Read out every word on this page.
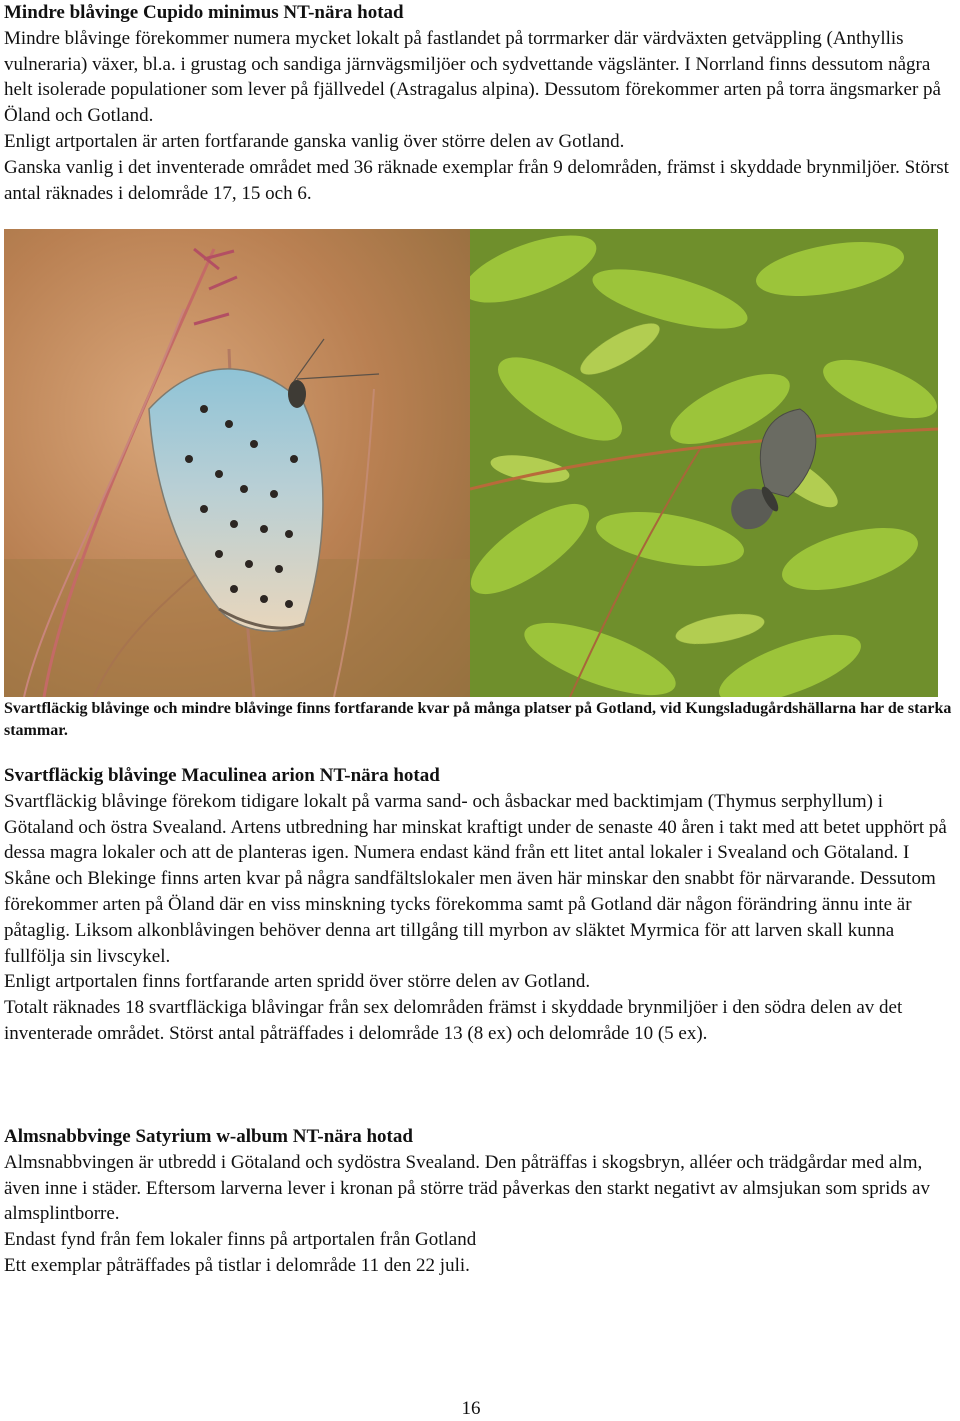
Mindre blåvinge Cupido minimus NT-nära hotad

Mindre blåvinge förekommer numera mycket lokalt på fastlandet på torrmarker där värdväxten getväppling (Anthyllis vulneraria) växer, bl.a. i grustag och sandiga järnvägsmiljöer och sydvettande vägslänter. I Norrland finns dessutom några helt isolerade populationer som lever på fjällvedel (Astragalus alpina). Dessutom förekommer arten på torra ängsmarker på Öland och Gotland.

Enligt artportalen är arten fortfarande ganska vanlig över större delen av Gotland.

Ganska vanlig i det inventerade området med 36 räknade exemplar från 9 delområden, främst i skyddade brynmiljöer. Störst antal räknades i delområde 17, 15 och 6.

Svartfläckig blåvinge och mindre blåvinge finns fortfarande kvar på många platser på Gotland, vid Kungsladugårdshällarna har de starka stammar.

Svartfläckig blåvinge Maculinea arion NT-nära hotad

Svartfläckig blåvinge förekom tidigare lokalt på varma sand- och åsbackar med backtimjam (Thymus serphyllum) i Götaland och östra Svealand. Artens utbredning har minskat kraftigt under de senaste 40 åren i takt med att betet upphört på dessa magra lokaler och att de planteras igen. Numera endast känd från ett litet antal lokaler i Svealand och Götaland. I Skåne och Blekinge finns arten kvar på några sandfältslokaler men även här minskar den snabbt för närvarande. Dessutom förekommer arten på Öland där en viss minskning tycks förekomma samt på Gotland där någon förändring ännu inte är påtaglig. Liksom alkonblåvingen behöver denna art tillgång till myrbon av släktet Myrmica för att larven skall kunna fullfölja sin livscykel.

Enligt artportalen finns fortfarande arten spridd över större delen av Gotland.

Totalt räknades 18 svartfläckiga blåvingar från sex delområden främst i skyddade brynmiljöer i den södra delen av det inventerade området. Störst antal påträffades i delområde 13 (8 ex) och delområde 10 (5 ex).

Almsnabbvinge Satyrium w-album NT-nära hotad

Almsnabbvingen är utbredd i Götaland och sydöstra Svealand. Den påträffas i skogsbryn, alléer och trädgårdar med alm, även inne i städer. Eftersom larverna lever i kronan på större träd påverkas den starkt negativt av almsjukan som sprids av almsplintborre.

Endast fynd från fem lokaler finns på artportalen från Gotland

Ett exemplar påträffades på tistlar i delområde 11 den 22 juli.

16
